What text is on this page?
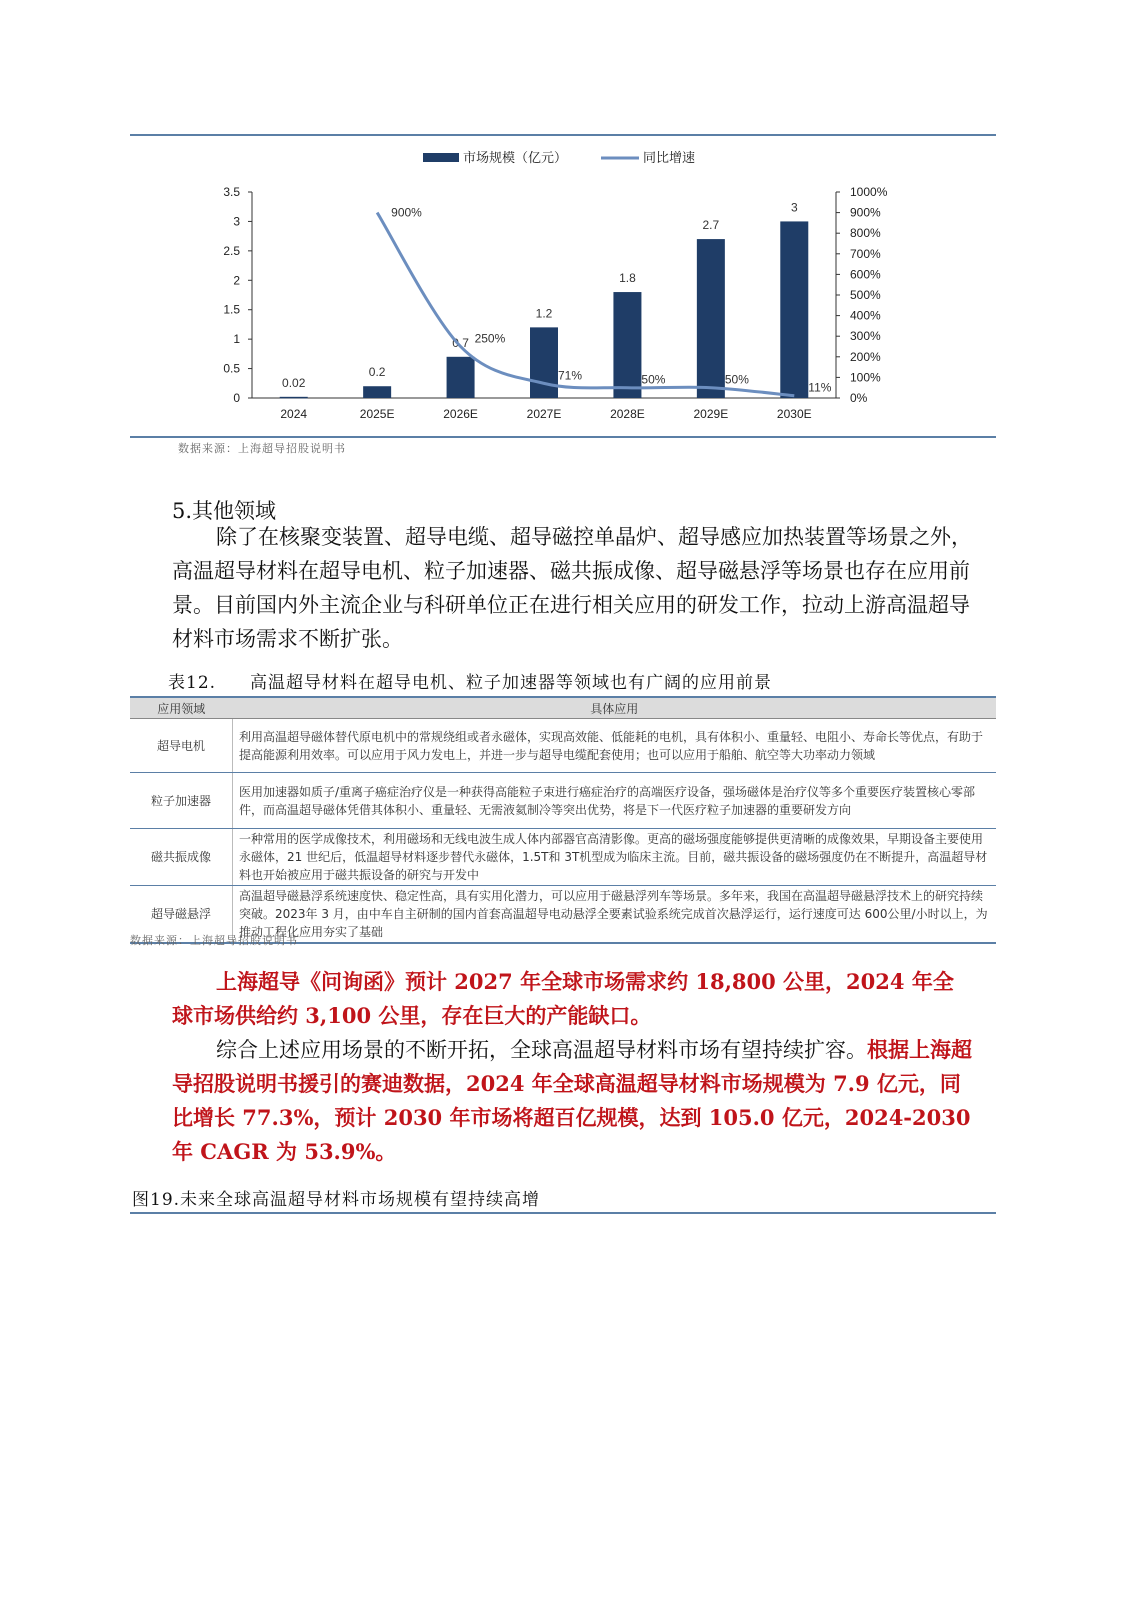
0
0.5
1
1.5
2
2.5
3
3.5
0%
100%
200%
300%
400%
500%
600%
700%
800%
900%
1000%
0.02
0.2
0.7
1.2
1.8
2.7
3
2024	2025E	2026E	2027E	2028E	2029E	2030E
900%
250%
71%	50%	50%
11%
市场规模（亿元）	同比增速
数据来源：上海超导招股说明书
5.其他领域

除了在核聚变装置、超导电缆、超导磁控单晶炉、超导感应加热装置等场景之外，高温超导材料在超导电机、粒子加速器、磁共振成像、超导磁悬浮等场景也存在应用前景。目前国内外主流企业与科研单位正在进行相关应用的研发工作，拉动上游高温超导材料市场需求不断扩张。

表12. 高温超导材料在超导电机、粒子加速器等领域也有广阔的应用前景
应用领域	具体应用
超导电机	利用高温超导磁体替代原电机中的常规绕组或者永磁体，实现高效能、低能耗的电机，具有体积小、重量轻、电阻小、寿命长等优点，有助于提高能源利用效率。可以应用于风力发电上，并进一步与超导电缆配套使用；也可以应用于船舶、航空等大功率动力领域
粒子加速器	医用加速器如质子/重离子癌症治疗仪是一种获得高能粒子束进行癌症治疗的高端医疗设备，强场磁体是治疗仪等多个重要医疗装置核心零部件，而高温超导磁体凭借其体积小、重量轻、无需液氦制冷等突出优势，将是下一代医疗粒子加速器的重要研发方向
磁共振成像	一种常用的医学成像技术，利用磁场和无线电波生成人体内部器官高清影像。更高的磁场强度能够提供更清晰的成像效果，早期设备主要使用永磁体，21 世纪后，低温超导材料逐步替代永磁体，1.5T和 3T机型成为临床主流。目前，磁共振设备的磁场强度仍在不断提升，高温超导材料也开始被应用于磁共振设备的研究与开发中
超导磁悬浮	高温超导磁悬浮系统速度快、稳定性高，具有实用化潜力，可以应用于磁悬浮列车等场景。多年来，我国在高温超导磁悬浮技术上的研究持续突破。2023年 3 月，由中车自主研制的国内首套高温超导电动悬浮全要素试验系统完成首次悬浮运行，运行速度可达 600公里/小时以上，为推动工程化应用夯实了基础
数据来源：上海超导招股说明书

上海超导《问询函》预计 2027 年全球市场需求约 18,800 公里，2024 年全球市场供给约 3,100 公里，存在巨大的产能缺口。

综合上述应用场景的不断开拓，全球高温超导材料市场有望持续扩容。根据上海超导招股说明书援引的赛迪数据，2024 年全球高温超导材料市场规模为 7.9 亿元，同比增长 77.3%，预计 2030 年市场将超百亿规模，达到 105.0 亿元，2024-2030 年 CAGR 为 53.9%。

图19.未来全球高温超导材料市场规模有望持续高增
